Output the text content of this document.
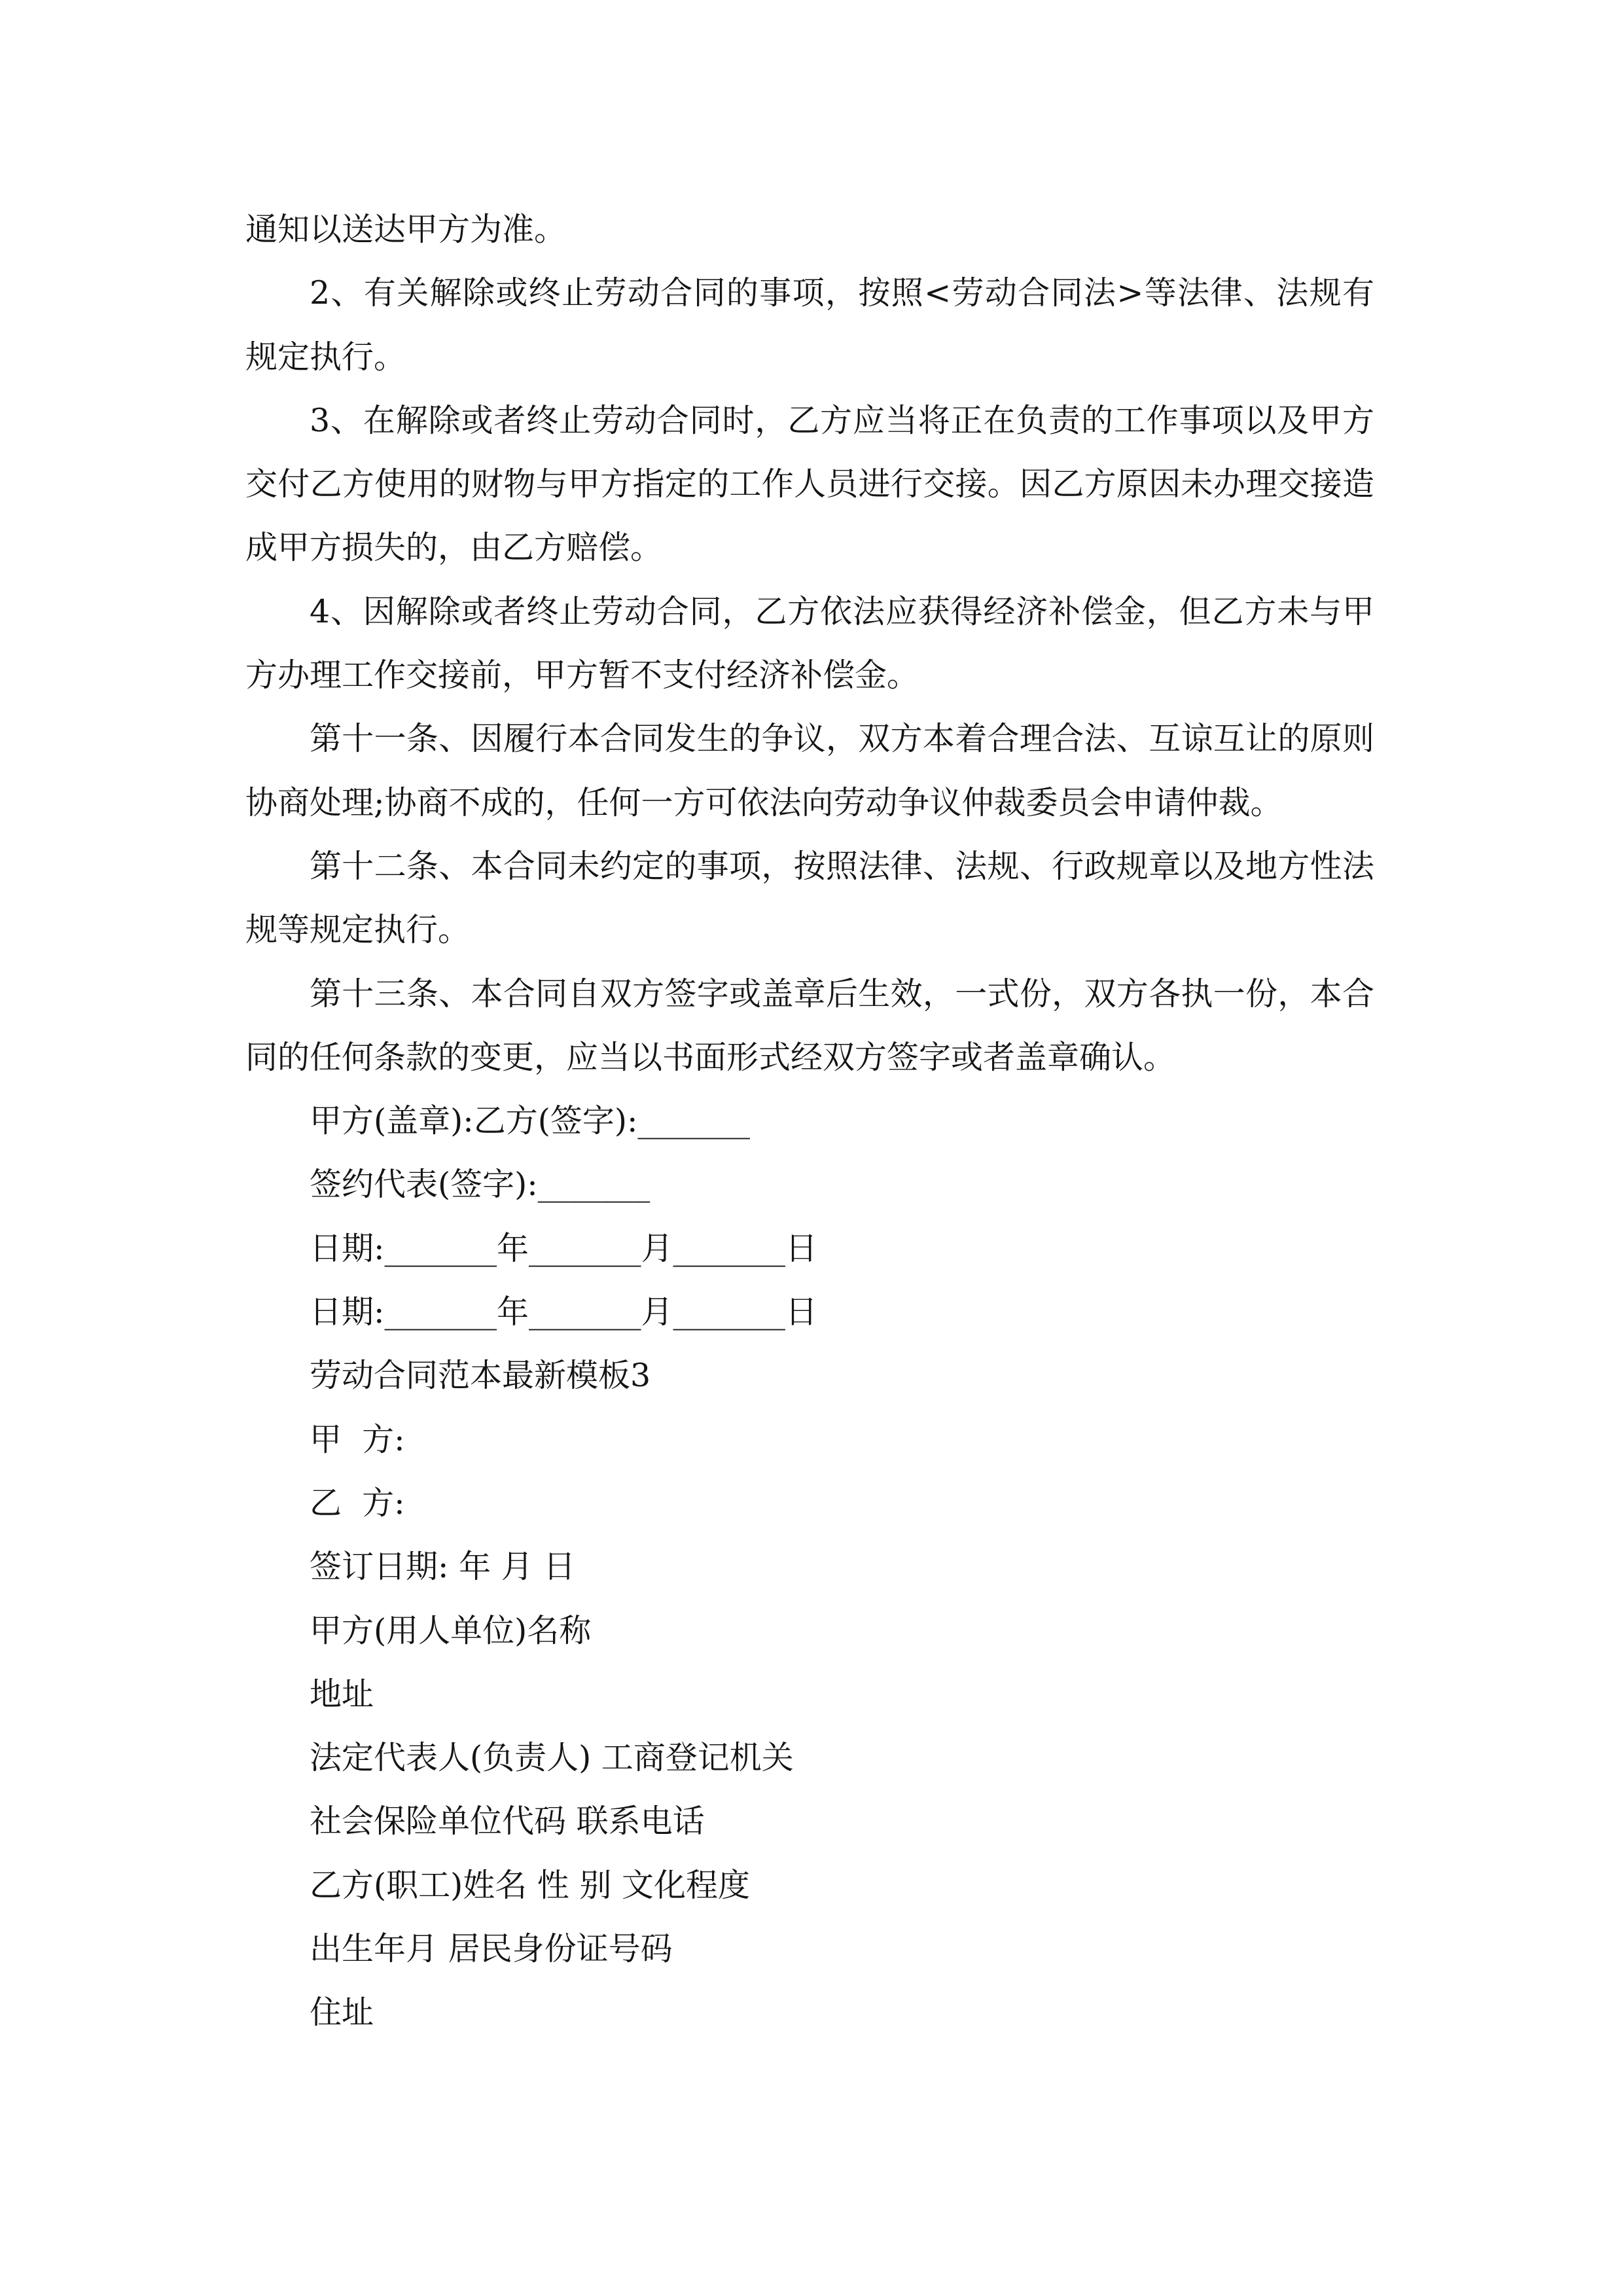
通知以送达甲方为准。
2、有关解除或终止劳动合同的事项，按照<劳动合同法>等法律、法规有
规定执行。
3、在解除或者终止劳动合同时，乙方应当将正在负责的工作事项以及甲方
交付乙方使用的财物与甲方指定的工作人员进行交接。因乙方原因未办理交接造
成甲方损失的，由乙方赔偿。
4、因解除或者终止劳动合同，乙方依法应获得经济补偿金，但乙方未与甲
方办理工作交接前，甲方暂不支付经济补偿金。
第十一条、因履行本合同发生的争议，双方本着合理合法、互谅互让的原则
协商处理;协商不成的，任何一方可依法向劳动争议仲裁委员会申请仲裁。
第十二条、本合同未约定的事项，按照法律、法规、行政规章以及地方性法
规等规定执行。
第十三条、本合同自双方签字或盖章后生效，一式份，双方各执一份，本合
同的任何条款的变更，应当以书面形式经双方签字或者盖章确认。
甲方(盖章):乙方(签字):_______
签约代表(签字):_______
日期:_______年_______月_______日
日期:_______年_______月_______日
劳动合同范本最新模板3
甲  方:
乙  方:
签订日期: 年 月 日
甲方(用人单位)名称
地址
法定代表人(负责人) 工商登记机关
社会保险单位代码 联系电话
乙方(职工)姓名 性 别 文化程度
出生年月 居民身份证号码
住址
